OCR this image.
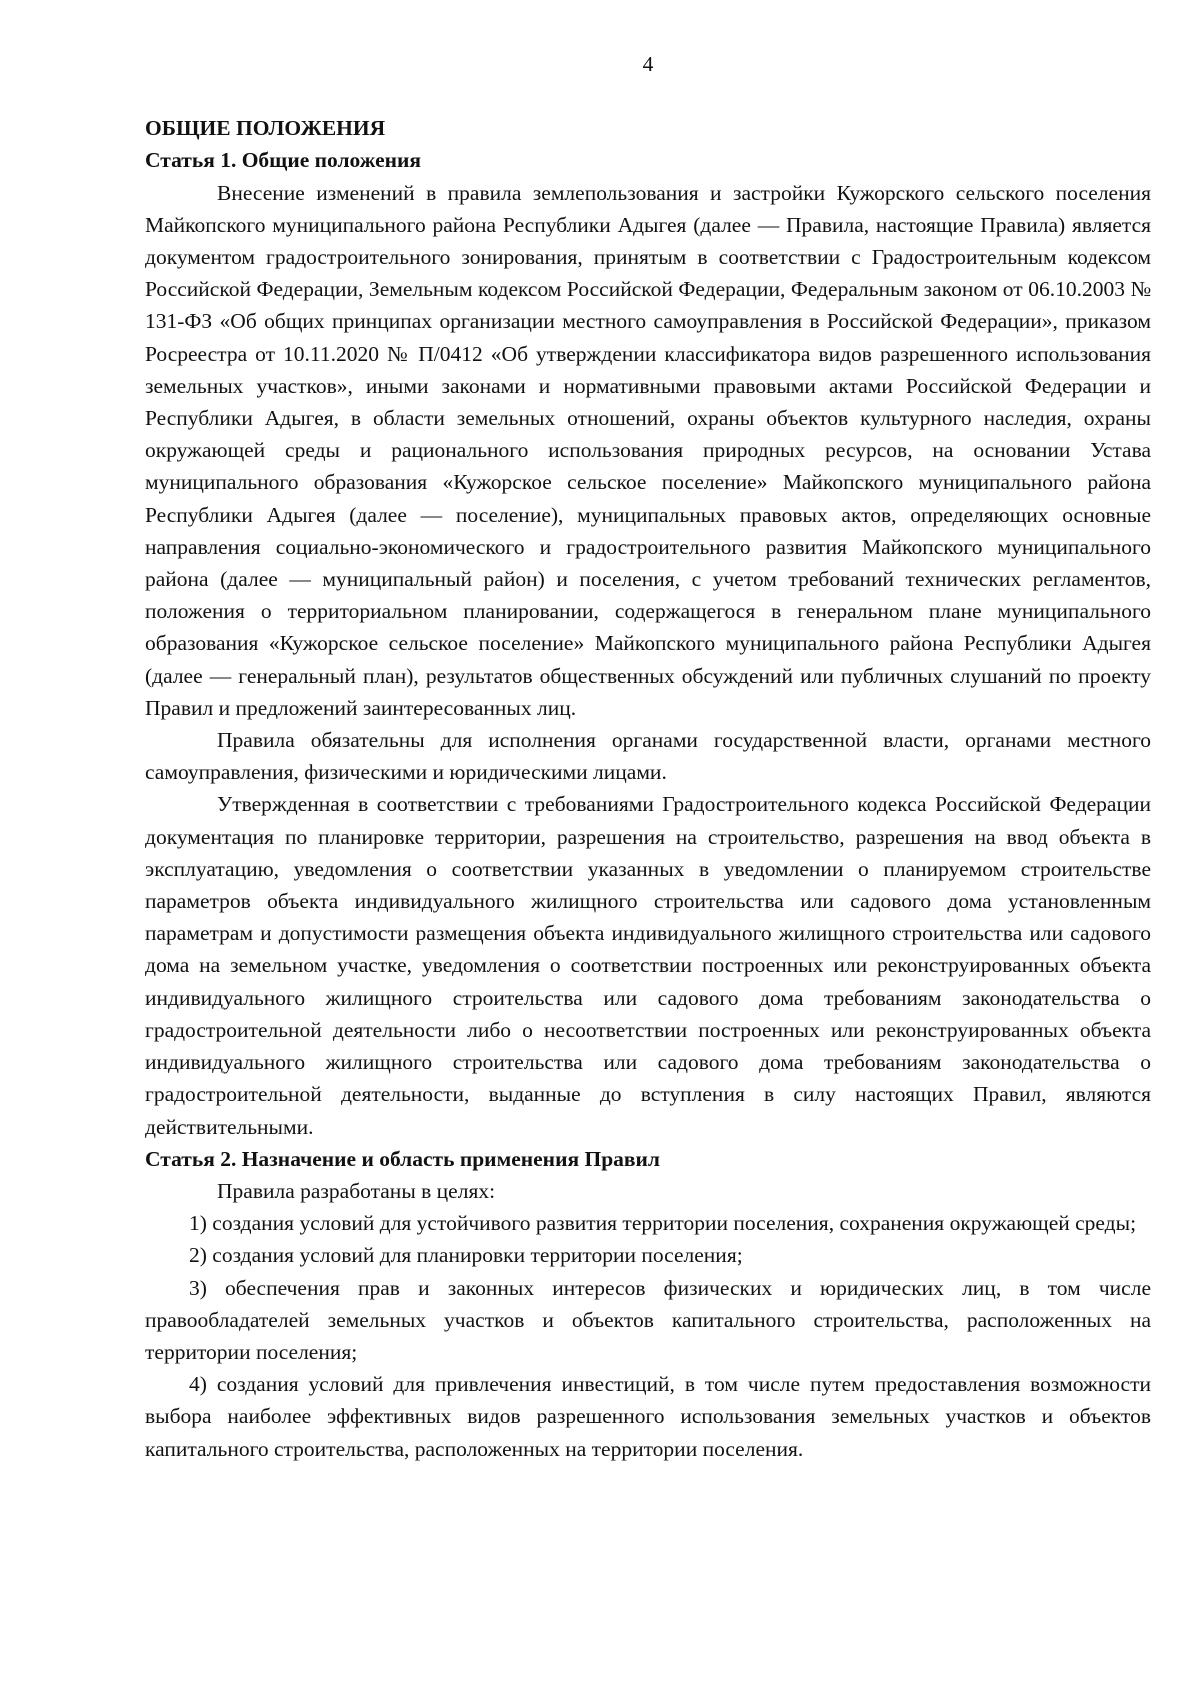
4

ОБЩИЕ ПОЛОЖЕНИЯ

Статья 1. Общие положения

Внесение изменений в правила землепользования и застройки Кужорского сельского поселения Майкопского муниципального района Республики Адыгея (далее — Правила, настоящие Правила) является документом градостроительного зонирования, принятым в соответствии с Градостроительным кодексом Российской Федерации, Земельным кодексом Российской Федерации, Федеральным законом от 06.10.2003 № 131-ФЗ «Об общих принципах организации местного самоуправления в Российской Федерации», приказом Росреестра от 10.11.2020 № П/0412 «Об утверждении классификатора видов разрешенного использования земельных участков», иными законами и нормативными правовыми актами Российской Федерации и Республики Адыгея, в области земельных отношений, охраны объектов культурного наследия, охраны окружающей среды и рационального использования природных ресурсов, на основании Устава муниципального образования «Кужорское сельское поселение» Майкопского муниципального района Республики Адыгея (далее — поселение), муниципальных правовых актов, определяющих основные направления социально-экономического и градостроительного развития Майкопского муниципального района (далее — муниципальный район) и поселения, с учетом требований технических регламентов, положения о территориальном планировании, содержащегося в генеральном плане муниципального образования «Кужорское сельское поселение» Майкопского муниципального района Республики Адыгея (далее — генеральный план), результатов общественных обсуждений или публичных слушаний по проекту Правил и предложений заинтересованных лиц.

Правила обязательны для исполнения органами государственной власти, органами местного самоуправления, физическими и юридическими лицами.

Утвержденная в соответствии с требованиями Градостроительного кодекса Российской Федерации документация по планировке территории, разрешения на строительство, разрешения на ввод объекта в эксплуатацию, уведомления о соответствии указанных в уведомлении о планируемом строительстве параметров объекта индивидуального жилищного строительства или садового дома установленным параметрам и допустимости размещения объекта индивидуального жилищного строительства или садового дома на земельном участке, уведомления о соответствии построенных или реконструированных объекта индивидуального жилищного строительства или садового дома требованиям законодательства о градостроительной деятельности либо о несоответствии построенных или реконструированных объекта индивидуального жилищного строительства или садового дома требованиям законодательства о градостроительной деятельности, выданные до вступления в силу настоящих Правил, являются действительными.

Статья 2. Назначение и область применения Правил

Правила разработаны в целях:

1) создания условий для устойчивого развития территории поселения, сохранения окружающей среды;

2) создания условий для планировки территории поселения;

3) обеспечения прав и законных интересов физических и юридических лиц, в том числе правообладателей земельных участков и объектов капитального строительства, расположенных на территории поселения;

4) создания условий для привлечения инвестиций, в том числе путем предоставления возможности выбора наиболее эффективных видов разрешенного использования земельных участков и объектов капитального строительства, расположенных на территории поселения.
